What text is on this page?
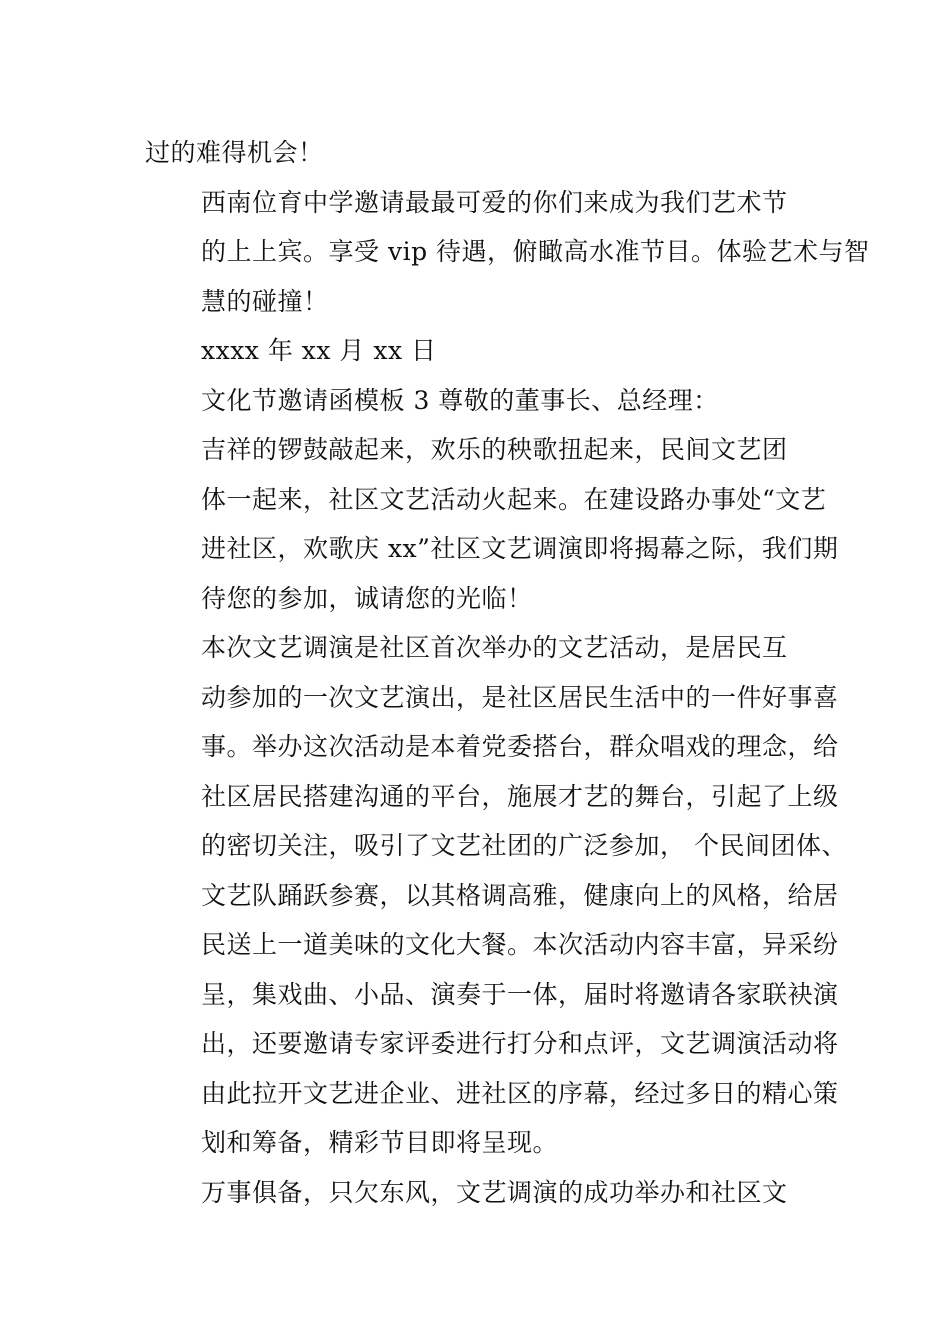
过的难得机会！
西南位育中学邀请最最可爱的你们来成为我们艺术节
的上上宾。享受 vip 待遇，俯瞰高水准节目。体验艺术与智
慧的碰撞！
xxxx 年 xx 月 xx 日
文化节邀请函模板 3 尊敬的董事长、总经理：
吉祥的锣鼓敲起来，欢乐的秧歌扭起来，民间文艺团
体一起来，社区文艺活动火起来。在建设路办事处“文艺
进社区，欢歌庆 xx”社区文艺调演即将揭幕之际，我们期
待您的参加，诚请您的光临！
本次文艺调演是社区首次举办的文艺活动，是居民互
动参加的一次文艺演出，是社区居民生活中的一件好事喜
事。举办这次活动是本着党委搭台，群众唱戏的理念，给
社区居民搭建沟通的平台，施展才艺的舞台，引起了上级
的密切关注，吸引了文艺社团的广泛参加， 个民间团体、
文艺队踊跃参赛，以其格调高雅，健康向上的风格，给居
民送上一道美味的文化大餐。本次活动内容丰富，异采纷
呈，集戏曲、小品、演奏于一体，届时将邀请各家联袂演
出，还要邀请专家评委进行打分和点评，文艺调演活动将
由此拉开文艺进企业、进社区的序幕，经过多日的精心策
划和筹备，精彩节目即将呈现。
万事俱备，只欠东风，文艺调演的成功举办和社区文
